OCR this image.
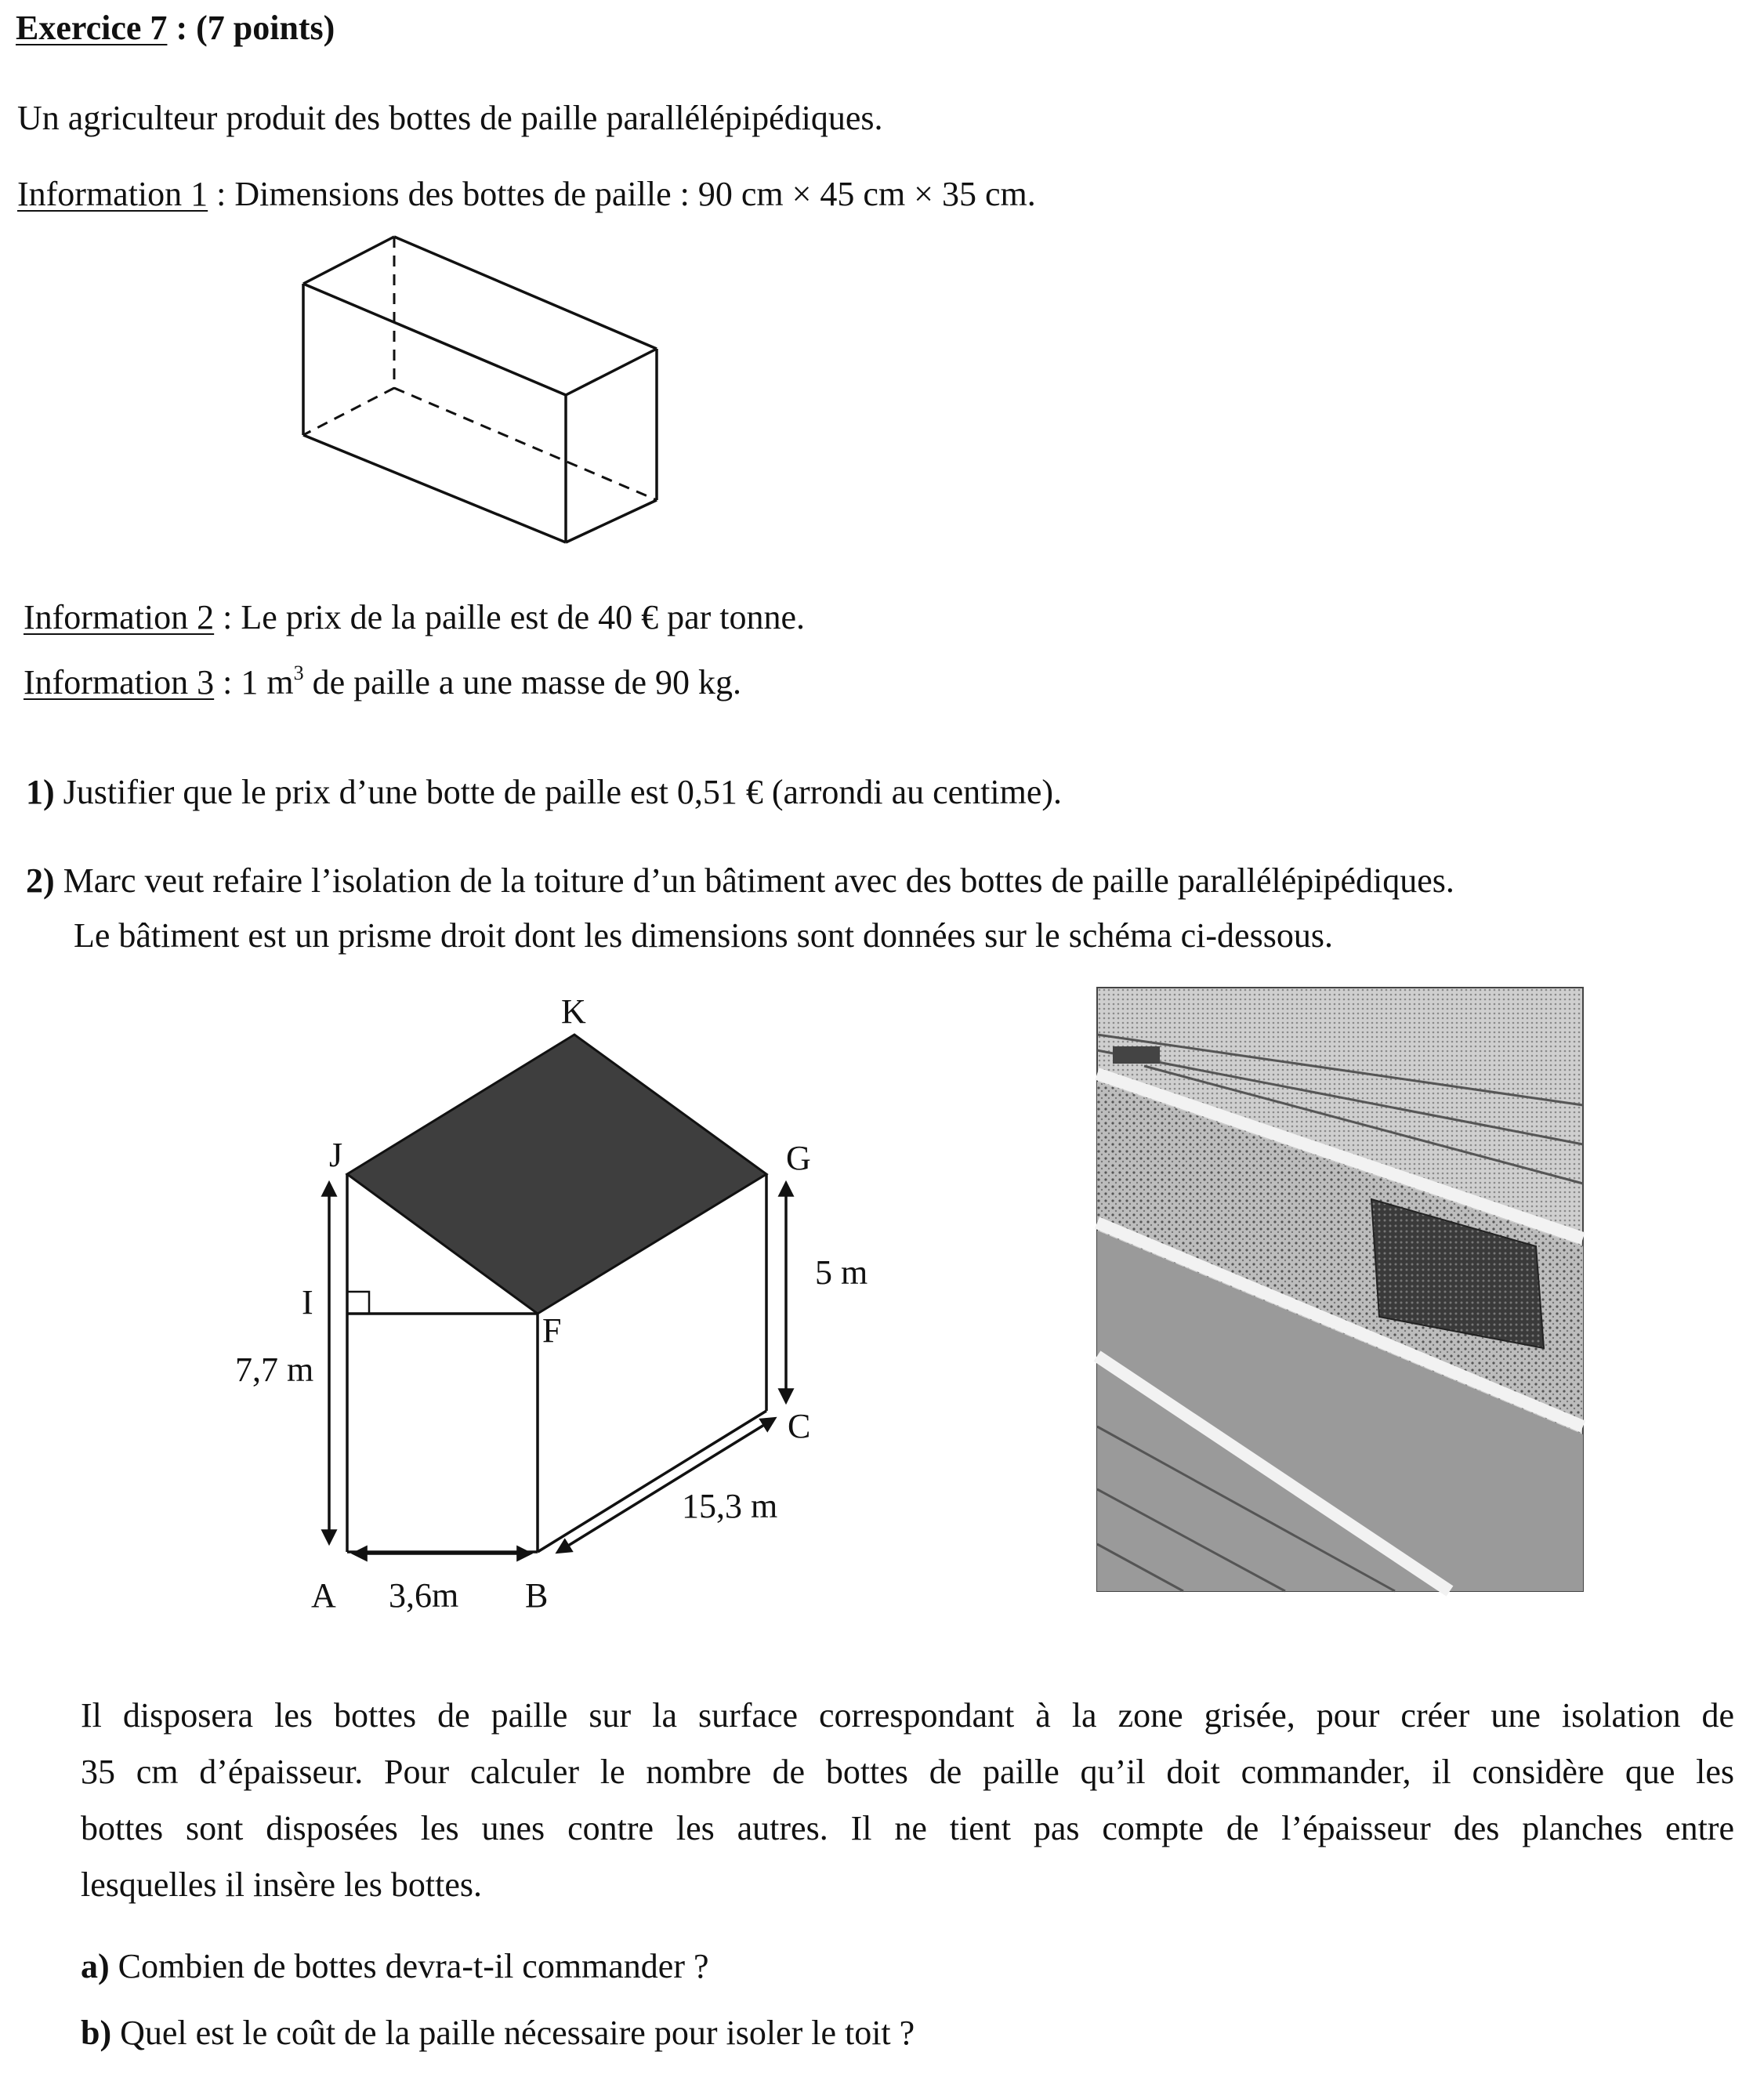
Exercice 7 : (7 points)
Un agriculteur produit des bottes de paille parallélépipédiques.
Information 1 : Dimensions des bottes de paille : 90 cm × 45 cm × 35 cm.
Information 2 : Le prix de la paille est de 40 € par tonne.
Information 3 : 1 $m^3$ de paille a une masse de 90 kg.
1) Justifier que le prix d’une botte de paille est 0,51 € (arrondi au centime).
2) Marc veut refaire l’isolation de la toiture d’un bâtiment avec des bottes de paille parallélépipédiques.
Le bâtiment est un prisme droit dont les dimensions sont données sur le schéma ci-dessous.
K
J	G
I
F
C
A	B
7,7 m
5 m
15,3 m
3,6m
Il disposera les bottes de paille sur la surface correspondant à la zone grisée, pour créer une isolation de
35 cm d’épaisseur. Pour calculer le nombre de bottes de paille qu’il doit commander, il considère que les
bottes sont disposées les unes contre les autres. Il ne tient pas compte de l’épaisseur des planches entre
lesquelles il insère les bottes.
a) Combien de bottes devra-t-il commander ?
b) Quel est le coût de la paille nécessaire pour isoler le toit ?
